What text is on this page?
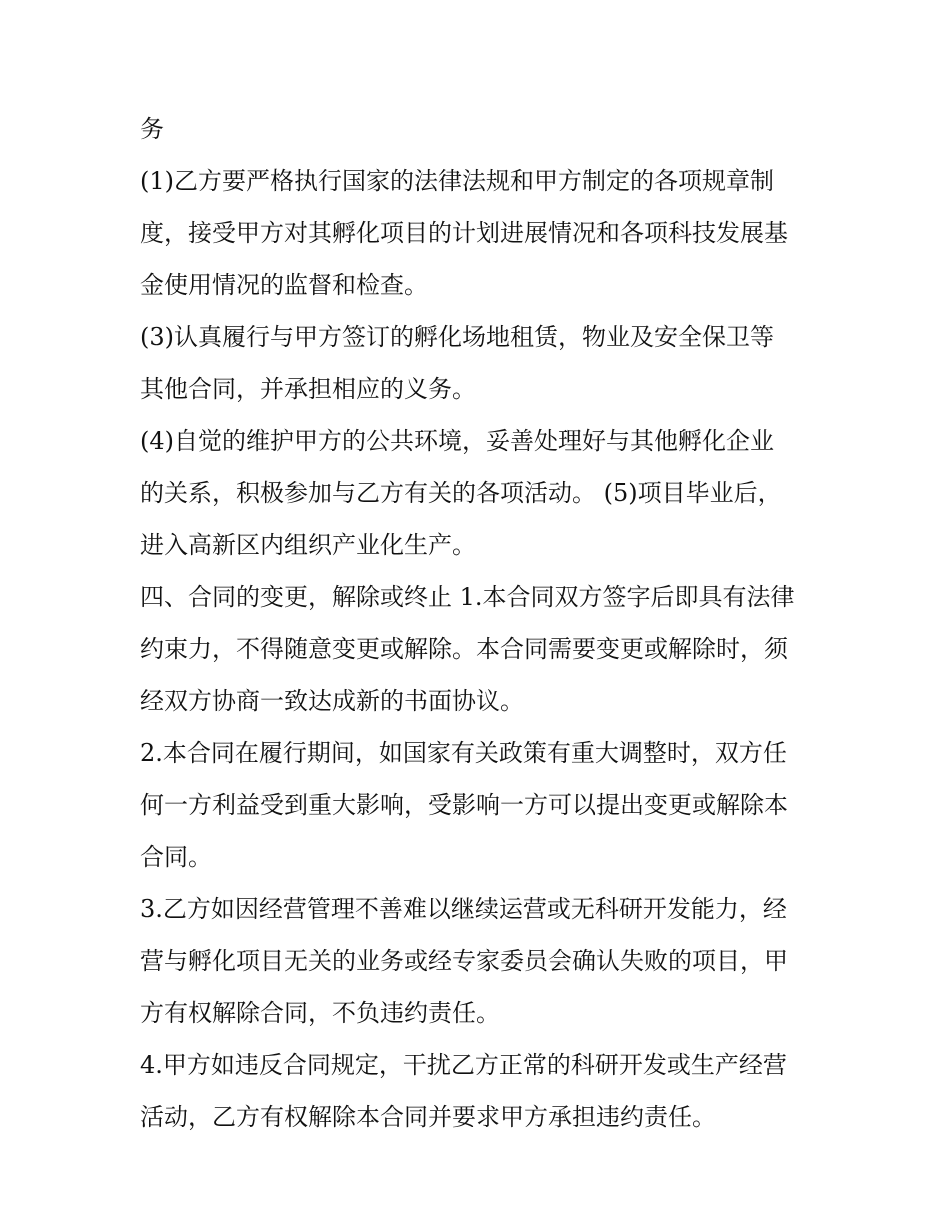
务
(1)乙方要严格执行国家的法律法规和甲方制定的各项规章制
度，接受甲方对其孵化项目的计划进展情况和各项科技发展基
金使用情况的监督和检查。
(3)认真履行与甲方签订的孵化场地租赁，物业及安全保卫等
其他合同，并承担相应的义务。
(4)自觉的维护甲方的公共环境，妥善处理好与其他孵化企业
的关系，积极参加与乙方有关的各项活动。 (5)项目毕业后，
进入高新区内组织产业化生产。
四、合同的变更，解除或终止 1.本合同双方签字后即具有法律
约束力，不得随意变更或解除。本合同需要变更或解除时，须
经双方协商一致达成新的书面协议。
2.本合同在履行期间，如国家有关政策有重大调整时，双方任
何一方利益受到重大影响，受影响一方可以提出变更或解除本
合同。
3.乙方如因经营管理不善难以继续运营或无科研开发能力，经
营与孵化项目无关的业务或经专家委员会确认失败的项目，甲
方有权解除合同，不负违约责任。
4.甲方如违反合同规定，干扰乙方正常的科研开发或生产经营
活动，乙方有权解除本合同并要求甲方承担违约责任。
